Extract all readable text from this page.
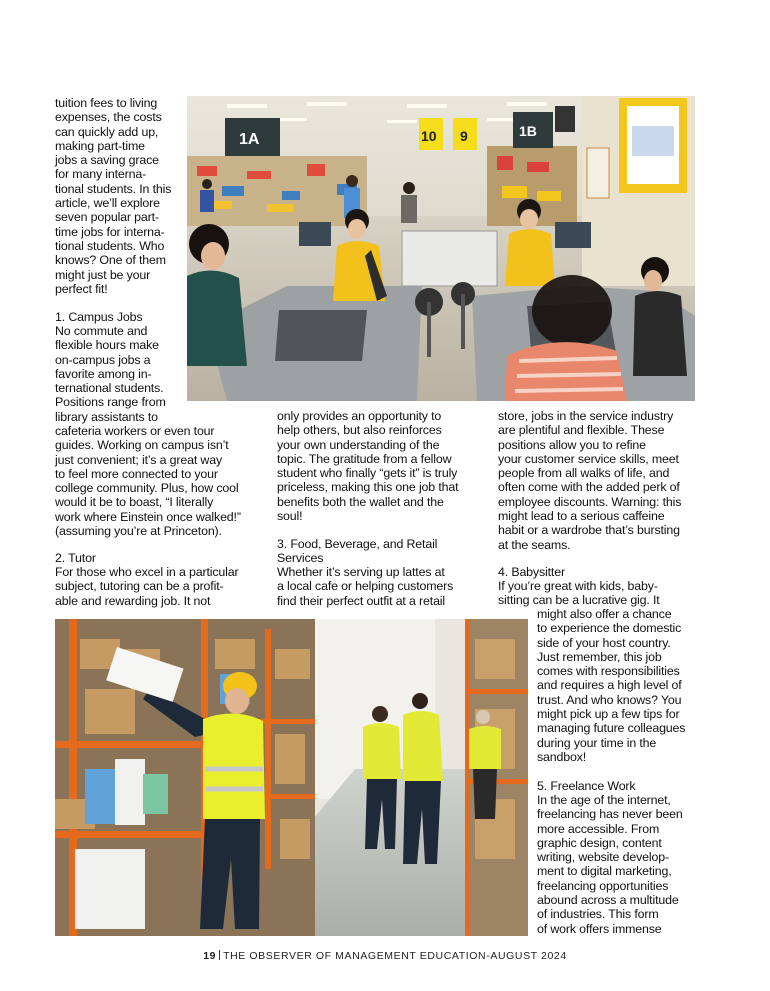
1A	10 9	1B
tuition fees to living
expenses, the costs
can quickly add up,
making part-time
jobs a saving grace
for many interna-
tional students. In this
article, we’ll explore
seven popular part-
time jobs for interna-
tional students. Who
knows? One of them
might just be your
perfect fit!
1. Campus Jobs
No commute and
flexible hours make
on-campus jobs a
favorite among in-
ternational students.
Positions range from
library assistants to
cafeteria workers or even tour
guides. Working on campus isn’t
just convenient; it’s a great way
to feel more connected to your
college community. Plus, how cool
would it be to boast, “I literally
work where Einstein once walked!”
(assuming you’re at Princeton).
2. Tutor
For those who excel in a particular
subject, tutoring can be a profit-
able and rewarding job. It not
only provides an opportunity to
help others, but also reinforces
your own understanding of the
topic. The gratitude from a fellow
student who finally “gets it” is truly
priceless, making this one job that
benefits both the wallet and the
soul!
3. Food, Beverage, and Retail
Services
Whether it’s serving up lattes at
a local cafe or helping customers
find their perfect outfit at a retail
store, jobs in the service industry
are plentiful and flexible. These
positions allow you to refine
your customer service skills, meet
people from all walks of life, and
often come with the added perk of
employee discounts. Warning: this
might lead to a serious caffeine
habit or a wardrobe that’s bursting
at the seams.
4. Babysitter
If you’re great with kids, baby-
sitting can be a lucrative gig. It
might also offer a chance
to experience the domestic
side of your host country.
Just remember, this job
comes with responsibilities
and requires a high level of
trust. And who knows? You
might pick up a few tips for
managing future colleagues
during your time in the
sandbox!
5. Freelance Work
In the age of the internet,
freelancing has never been
more accessible. From
graphic design, content
writing, website develop-
ment to digital marketing,
freelancing opportunities
abound across a multitude
of industries. This form
of work offers immense
19 THE OBSERVER OF MANAGEMENT EDUCATION-AUGUST 2024
